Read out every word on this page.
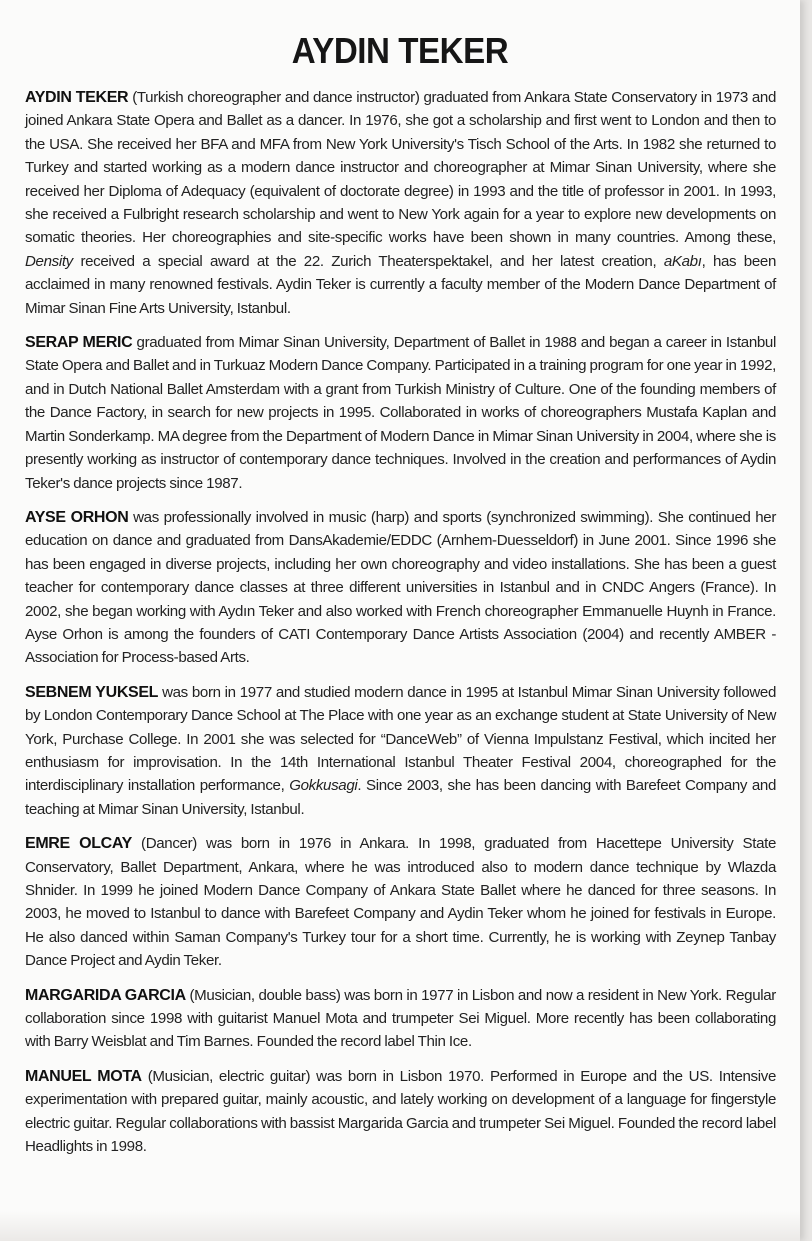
AYDIN TEKER

AYDIN TEKER (Turkish choreographer and dance instructor) graduated from Ankara State Conservatory in 1973 and joined Ankara State Opera and Ballet as a dancer. In 1976, she got a scholarship and first went to London and then to the USA. She received her BFA and MFA from New York University's Tisch School of the Arts. In 1982 she returned to Turkey and started working as a modern dance instructor and choreographer at Mimar Sinan University, where she received her Diploma of Adequacy (equivalent of doctorate degree) in 1993 and the title of professor in 2001. In 1993, she received a Fulbright research scholarship and went to New York again for a year to explore new developments on somatic theories. Her choreographies and site-specific works have been shown in many countries. Among these, Density received a special award at the 22. Zurich Theaterspektakel, and her latest creation, aKabı, has been acclaimed in many renowned festivals. Aydin Teker is currently a faculty member of the Modern Dance Department of Mimar Sinan Fine Arts University, Istanbul.

SERAP MERIC graduated from Mimar Sinan University, Department of Ballet in 1988 and began a career in Istanbul State Opera and Ballet and in Turkuaz Modern Dance Company. Participated in a training program for one year in 1992, and in Dutch National Ballet Amsterdam with a grant from Turkish Ministry of Culture. One of the founding members of the Dance Factory, in search for new projects in 1995. Collaborated in works of choreographers Mustafa Kaplan and Martin Sonderkamp. MA degree from the Department of Modern Dance in Mimar Sinan University in 2004, where she is presently working as instructor of contemporary dance techniques. Involved in the creation and performances of Aydin Teker's dance projects since 1987.

AYSE ORHON was professionally involved in music (harp) and sports (synchronized swimming). She continued her education on dance and graduated from DansAkademie/EDDC (Arnhem-Duesseldorf) in June 2001. Since 1996 she has been engaged in diverse projects, including her own choreography and video installations. She has been a guest teacher for contemporary dance classes at three different universities in Istanbul and in CNDC Angers (France). In 2002, she began working with Aydın Teker and also worked with French choreographer Emmanuelle Huynh in France. Ayse Orhon is among the founders of CATI Contemporary Dance Artists Association (2004) and recently AMBER - Association for Process-based Arts.

SEBNEM YUKSEL was born in 1977 and studied modern dance in 1995 at Istanbul Mimar Sinan University followed by London Contemporary Dance School at The Place with one year as an exchange student at State University of New York, Purchase College. In 2001 she was selected for “DanceWeb” of Vienna Impulstanz Festival, which incited her enthusiasm for improvisation. In the 14th International Istanbul Theater Festival 2004, choreographed for the interdisciplinary installation performance, Gokkusagi. Since 2003, she has been dancing with Barefeet Company and teaching at Mimar Sinan University, Istanbul.

EMRE OLCAY (Dancer) was born in 1976 in Ankara. In 1998, graduated from Hacettepe University State Conservatory, Ballet Department, Ankara, where he was introduced also to modern dance technique by Wlazda Shnider. In 1999 he joined Modern Dance Company of Ankara State Ballet where he danced for three seasons. In 2003, he moved to Istanbul to dance with Barefeet Company and Aydin Teker whom he joined for festivals in Europe. He also danced within Saman Company's Turkey tour for a short time. Currently, he is working with Zeynep Tanbay Dance Project and Aydin Teker.

MARGARIDA GARCIA (Musician, double bass) was born in 1977 in Lisbon and now a resident in New York. Regular collaboration since 1998 with guitarist Manuel Mota and trumpeter Sei Miguel. More recently has been collaborating with Barry Weisblat and Tim Barnes. Founded the record label Thin Ice.

MANUEL MOTA (Musician, electric guitar) was born in Lisbon 1970. Performed in Europe and the US. Intensive experimentation with prepared guitar, mainly acoustic, and lately working on development of a language for fingerstyle electric guitar. Regular collaborations with bassist Margarida Garcia and trumpeter Sei Miguel. Founded the record label Headlights in 1998.
